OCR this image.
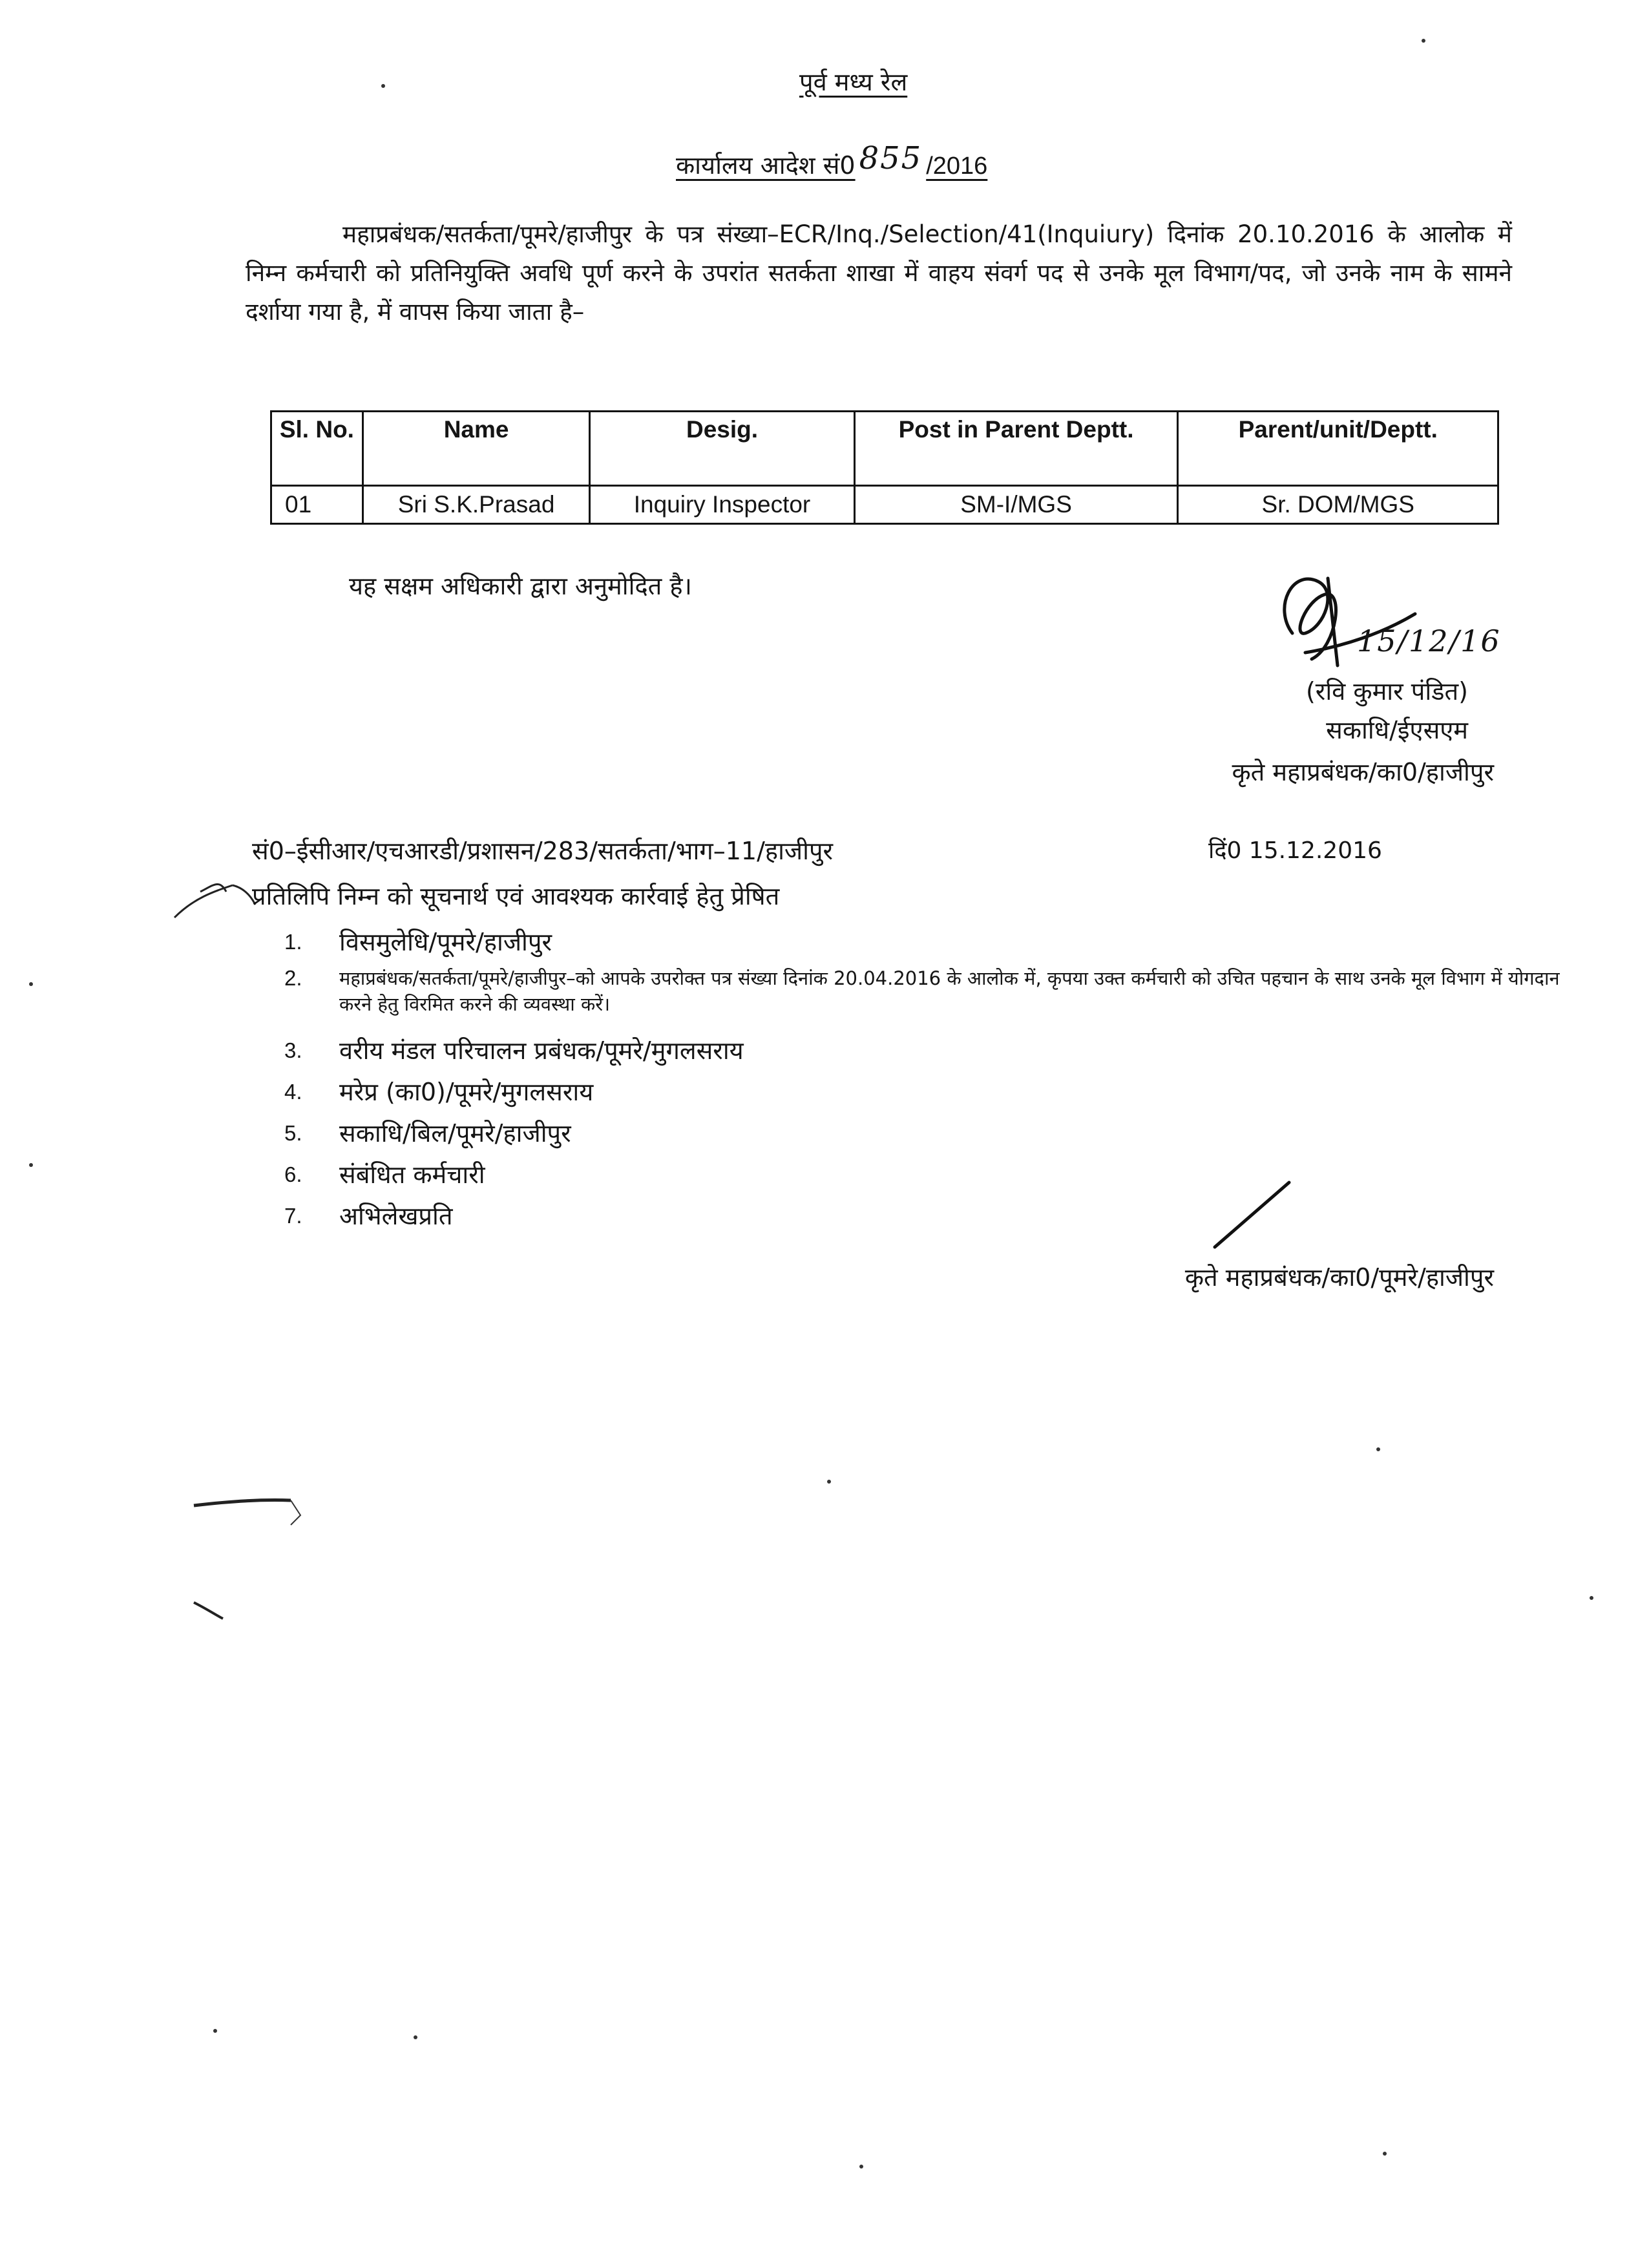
पूर्व मध्य रेल
कार्यालय आदेश सं0 855 /2016
महाप्रबंधक/सतर्कता/पूमरे/हाजीपुर के पत्र संख्या–ECR/Inq./Selection/41(Inquiury) दिनांक 20.10.2016 के आलोक में निम्न कर्मचारी को प्रतिनियुक्ति अवधि पूर्ण करने के उपरांत सतर्कता शाखा में वाहय संवर्ग पद से उनके मूल विभाग/पद, जो उनके नाम के सामने दर्शाया गया है, में वापस किया जाता है–
Sl. No.	Name	Desig.	Post in Parent Deptt.	Parent/unit/Deptt.
01	Sri S.K.Prasad	Inquiry Inspector	SM-I/MGS	Sr. DOM/MGS
यह सक्षम अधिकारी द्वारा अनुमोदित है।
15/12/16
(रवि कुमार पंडित)
सकाधि/ईएसएम
कृते महाप्रबंधक/का0/हाजीपुर
सं0–ईसीआर/एचआरडी/प्रशासन/283/सतर्कता/भाग–11/हाजीपुर	दिं0 15.12.2016
प्रतिलिपि निम्न को सूचनार्थ एवं आवश्यक कार्रवाई हेतु प्रेषित
1. विसमुलेधि/पूमरे/हाजीपुर
2. महाप्रबंधक/सतर्कता/पूमरे/हाजीपुर–को आपके उपरोक्त पत्र संख्या दिनांक 20.04.2016 के आलोक में, कृपया उक्त कर्मचारी को उचित पहचान के साथ उनके मूल विभाग में योगदान करने हेतु विरमित करने की व्यवस्था करें।
3. वरीय मंडल परिचालन प्रबंधक/पूमरे/मुगलसराय
4. मरेप्र (का0)/पूमरे/मुगलसराय
5. सकाधि/बिल/पूमरे/हाजीपुर
6. संबंधित कर्मचारी
7. अभिलेखप्रति
कृते महाप्रबंधक/का0/पूमरे/हाजीपुर
